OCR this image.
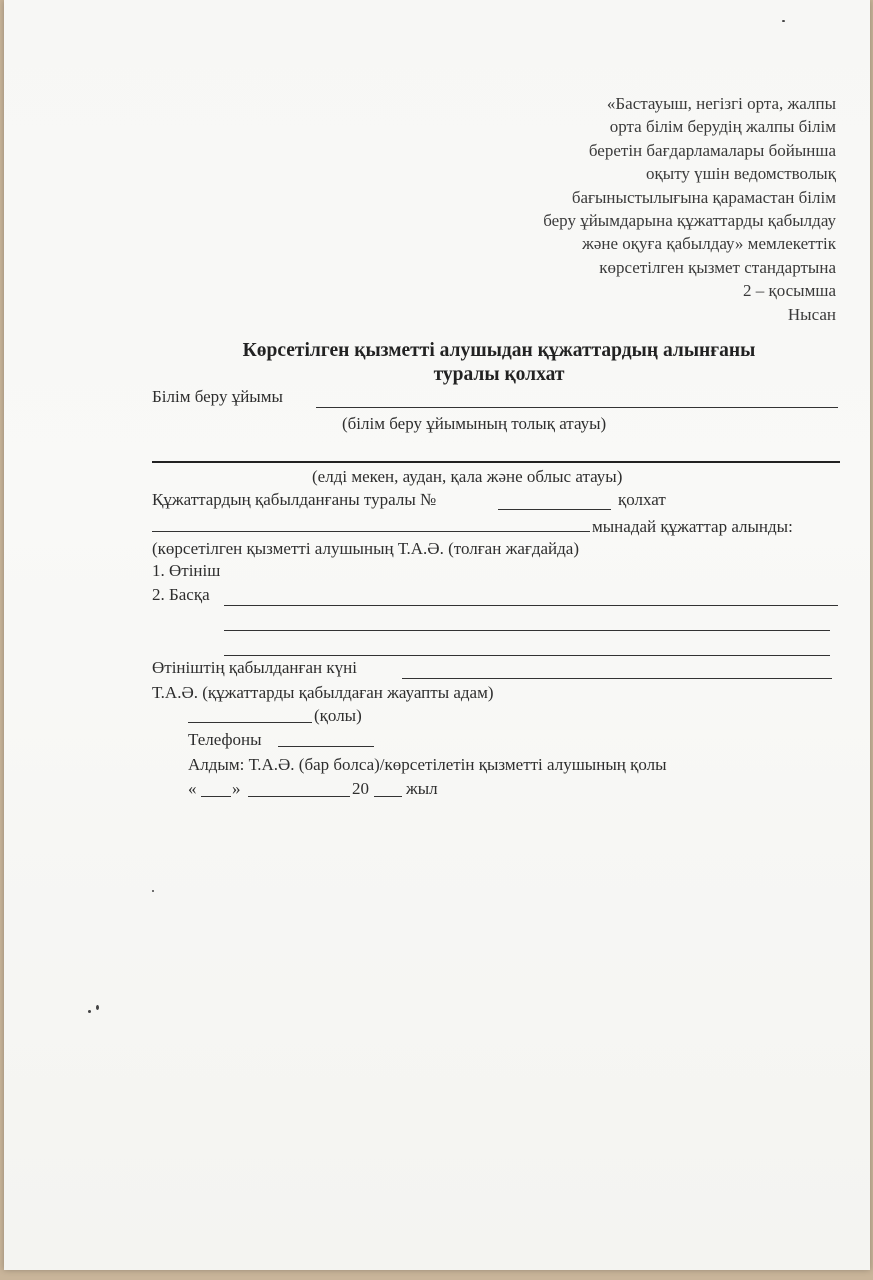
«Бастауыш, негізгі орта, жалпы
орта білім берудің жалпы білім
беретін бағдарламалары бойынша
оқыту үшін ведомстволық
бағыныстылығына қарамастан білім
беру ұйымдарына құжаттарды қабылдау
және оқуға қабылдау» мемлекеттік
көрсетілген қызмет стандартына
2 – қосымша
Нысан
Көрсетілген қызметті алушыдан құжаттардың алынғаны
туралы қолхат
Білім беру ұйымы
(білім беру ұйымының толық атауы)
(елді мекен, аудан, қала және облыс атауы)
Құжаттардың қабылданғаны туралы №	қолхат
мынадай құжаттар алынды:
(көрсетілген қызметті алушының Т.А.Ә. (толған жағдайда)
1. Өтініш
2. Басқа
Өтініштің қабылданған күні
Т.А.Ә. (құжаттарды қабылдаған жауапты адам)
(қолы)
Телефоны
Алдым: Т.А.Ә. (бар болса)/көрсетілетін қызметті алушының қолы
« »	20 жыл
